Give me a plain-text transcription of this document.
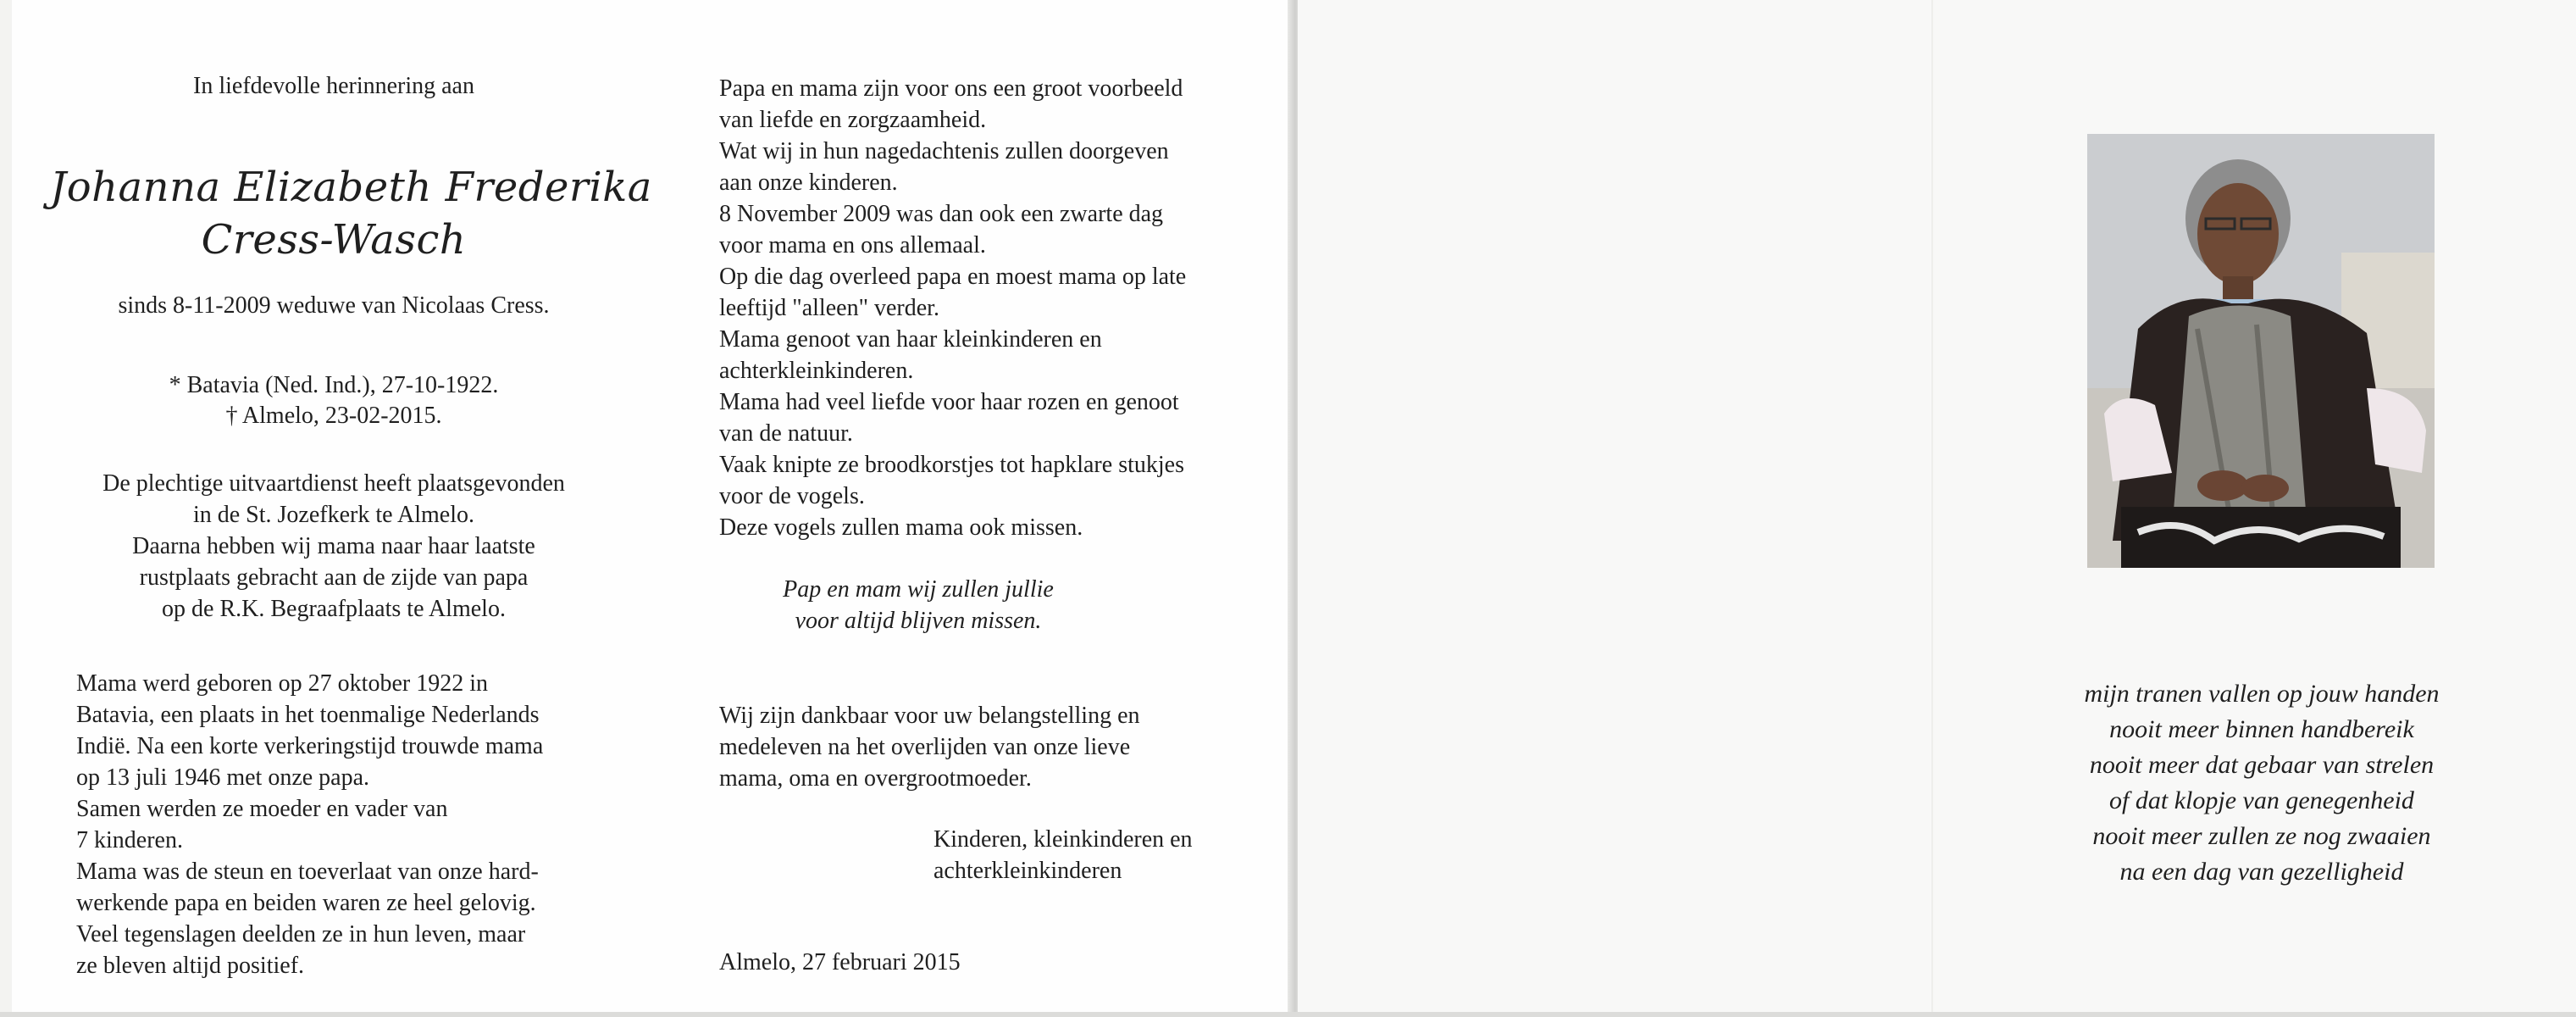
In liefdevolle herinnering aan
Johanna Elizabeth Frederika
Cress-Wasch
sinds 8-11-2009 weduwe van Nicolaas Cress.
* Batavia (Ned. Ind.), 27-10-1922.
† Almelo, 23-02-2015.
De plechtige uitvaartdienst heeft plaatsgevonden
in de St. Jozefkerk te Almelo.
Daarna hebben wij mama naar haar laatste
rustplaats gebracht aan de zijde van papa
op de R.K. Begraafplaats te Almelo.
Mama werd geboren op 27 oktober 1922 in
Batavia, een plaats in het toenmalige Nederlands
Indië. Na een korte verkeringstijd trouwde mama
op 13 juli 1946 met onze papa.
Samen werden ze moeder en vader van
7 kinderen.
Mama was de steun en toeverlaat van onze hard-
werkende papa en beiden waren ze heel gelovig.
Veel tegenslagen deelden ze in hun leven, maar
ze bleven altijd positief.
Papa en mama zijn voor ons een groot voorbeeld
van liefde en zorgzaamheid.
Wat wij in hun nagedachtenis zullen doorgeven
aan onze kinderen.
8 November 2009 was dan ook een zwarte dag
voor mama en ons allemaal.
Op die dag overleed papa en moest mama op late
leeftijd "alleen" verder.
Mama genoot van haar kleinkinderen en
achterkleinkinderen.
Mama had veel liefde voor haar rozen en genoot
van de natuur.
Vaak knipte ze broodkorstjes tot hapklare stukjes
voor de vogels.
Deze vogels zullen mama ook missen.
Pap en mam wij zullen jullie
voor altijd blijven missen.
Wij zijn dankbaar voor uw belangstelling en
medeleven na het overlijden van onze lieve
mama, oma en overgrootmoeder.
Kinderen, kleinkinderen en
achterkleinkinderen
Almelo, 27 februari 2015
mijn tranen vallen op jouw handen
nooit meer binnen handbereik
nooit meer dat gebaar van strelen
of dat klopje van genegenheid
nooit meer zullen ze nog zwaaien
na een dag van gezelligheid
